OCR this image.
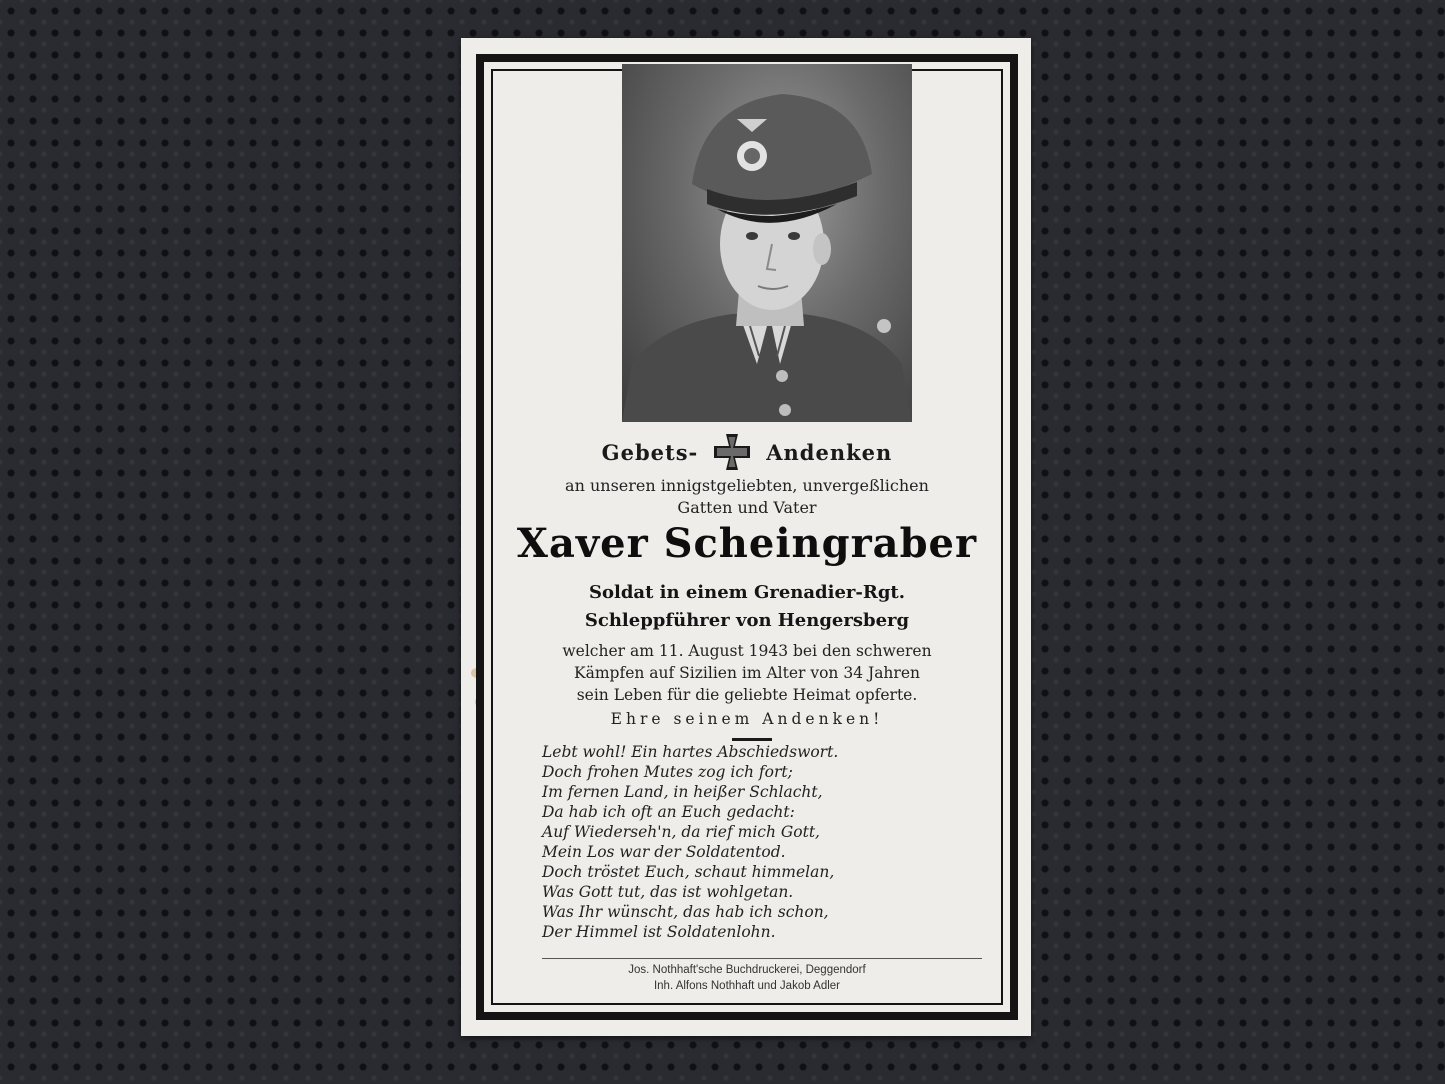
Gebets-	Andenken
an unseren innigstgeliebten, unvergeßlichen
Gatten und Vater
Xaver Scheingraber
Soldat in einem Grenadier-Rgt.
Schleppführer von Hengersberg
welcher am 11. August 1943 bei den schweren
Kämpfen auf Sizilien im Alter von 34 Jahren
sein Leben für die geliebte Heimat opferte.
Ehre seinem Andenken!
Lebt wohl! Ein hartes Abschiedswort.
Doch frohen Mutes zog ich fort;
Im fernen Land, in heißer Schlacht,
Da hab ich oft an Euch gedacht:
Auf Wiederseh'n, da rief mich Gott,
Mein Los war der Soldatentod.
Doch tröstet Euch, schaut himmelan,
Was Gott tut, das ist wohlgetan.
Was Ihr wünscht, das hab ich schon,
Der Himmel ist Soldatenlohn.
Jos. Nothhaft'sche Buchdruckerei, Deggendorf
Inh. Alfons Nothhaft und Jakob Adler
